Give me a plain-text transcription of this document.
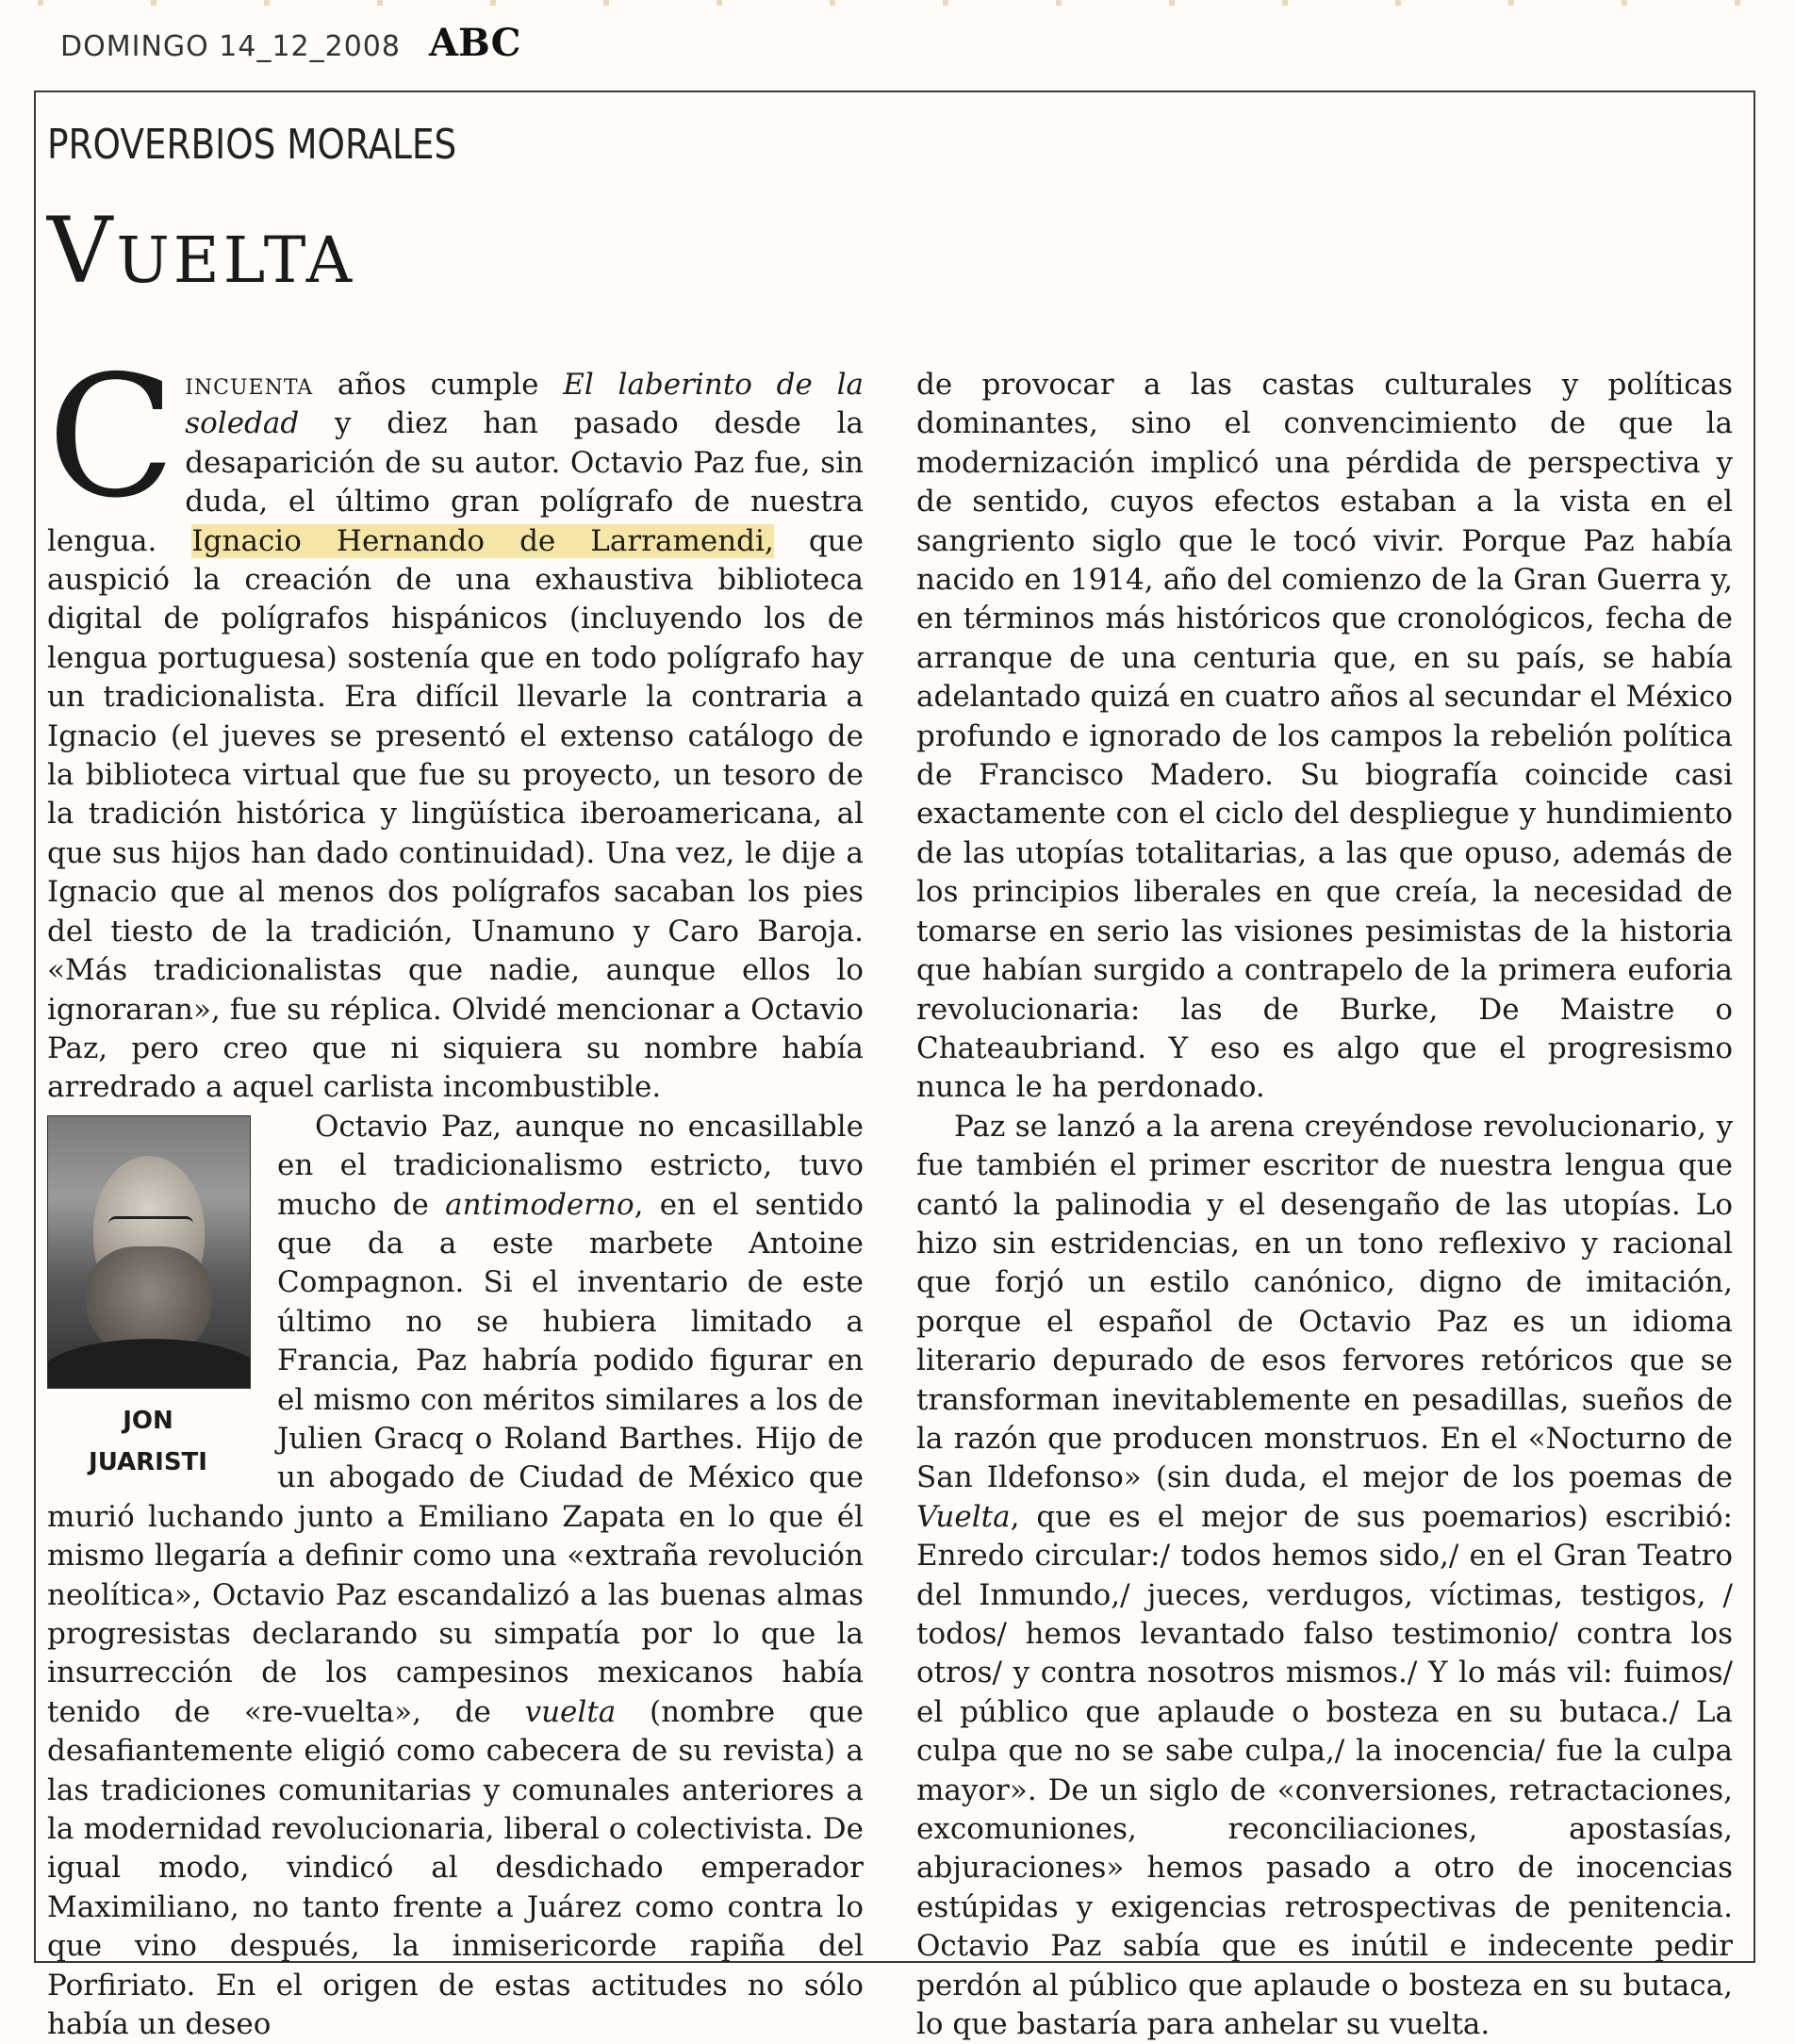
DOMINGO 14_12_2008 ABC
PROVERBIOS MORALES
Vuelta

Cincuenta años cumple El laberinto de la soledad y diez han pasado desde la desaparición de su autor. Octavio Paz fue, sin duda, el último gran polígrafo de nuestra lengua. Ignacio Hernando de Larramendi, que auspició la creación de una exhaustiva biblioteca digital de polígrafos hispánicos (incluyendo los de lengua portuguesa) sostenía que en todo polígrafo hay un tradicionalista. Era difícil llevarle la contraria a Ignacio (el jueves se presentó el extenso catálogo de la biblioteca virtual que fue su proyecto, un tesoro de la tradición histórica y lingüística iberoamericana, al que sus hijos han dado continuidad). Una vez, le dije a Ignacio que al menos dos polígrafos sacaban los pies del tiesto de la tradición, Unamuno y Caro Baroja. «Más tradicionalistas que nadie, aunque ellos lo ignoraran», fue su réplica. Olvidé mencionar a Octavio Paz, pero creo que ni siquiera su nombre había arredrado a aquel carlista incombustible.

JON
JUARISTI

Octavio Paz, aunque no encasillable en el tradicionalismo estricto, tuvo mucho de antimoderno, en el sentido que da a este marbete Antoine Compagnon. Si el inventario de este último no se hubiera limitado a Francia, Paz habría podido figurar en el mismo con méritos similares a los de Julien Gracq o Roland Barthes. Hijo de un abogado de Ciudad de México que murió luchando junto a Emiliano Zapata en lo que él mismo llegaría a definir como una «extraña revolución neolítica», Octavio Paz escandalizó a las buenas almas progresistas declarando su simpatía por lo que la insurrección de los campesinos mexicanos había tenido de «re-vuelta», de vuelta (nombre que desafiantemente eligió como cabecera de su revista) a las tradiciones comunitarias y comunales anteriores a la modernidad revolucionaria, liberal o colectivista. De igual modo, vindicó al desdichado emperador Maximiliano, no tanto frente a Juárez como contra lo que vino después, la inmisericorde rapiña del Porfiriato. En el origen de estas actitudes no sólo había un deseo

de provocar a las castas culturales y políticas dominantes, sino el convencimiento de que la modernización implicó una pérdida de perspectiva y de sentido, cuyos efectos estaban a la vista en el sangriento siglo que le tocó vivir. Porque Paz había nacido en 1914, año del comienzo de la Gran Guerra y, en términos más históricos que cronológicos, fecha de arranque de una centuria que, en su país, se había adelantado quizá en cuatro años al secundar el México profundo e ignorado de los campos la rebelión política de Francisco Madero. Su biografía coincide casi exactamente con el ciclo del despliegue y hundimiento de las utopías totalitarias, a las que opuso, además de los principios liberales en que creía, la necesidad de tomarse en serio las visiones pesimistas de la historia que habían surgido a contrapelo de la primera euforia revolucionaria: las de Burke, De Maistre o Chateaubriand. Y eso es algo que el progresismo nunca le ha perdonado.

Paz se lanzó a la arena creyéndose revolucionario, y fue también el primer escritor de nuestra lengua que cantó la palinodia y el desengaño de las utopías. Lo hizo sin estridencias, en un tono reflexivo y racional que forjó un estilo canónico, digno de imitación, porque el español de Octavio Paz es un idioma literario depurado de esos fervores retóricos que se transforman inevitablemente en pesadillas, sueños de la razón que producen monstruos. En el «Nocturno de San Ildefonso» (sin duda, el mejor de los poemas de Vuelta, que es el mejor de sus poemarios) escribió: Enredo circular:/ todos hemos sido,/ en el Gran Teatro del Inmundo,/ jueces, verdugos, víctimas, testigos, / todos/ hemos levantado falso testimonio/ contra los otros/ y contra nosotros mismos./ Y lo más vil: fuimos/ el público que aplaude o bosteza en su butaca./ La culpa que no se sabe culpa,/ la inocencia/ fue la culpa mayor». De un siglo de «conversiones, retractaciones, excomuniones, reconciliaciones, apostasías, abjuraciones» hemos pasado a otro de inocencias estúpidas y exigencias retrospectivas de penitencia. Octavio Paz sabía que es inútil e indecente pedir perdón al público que aplaude o bosteza en su butaca, lo que bastaría para anhelar su vuelta.
